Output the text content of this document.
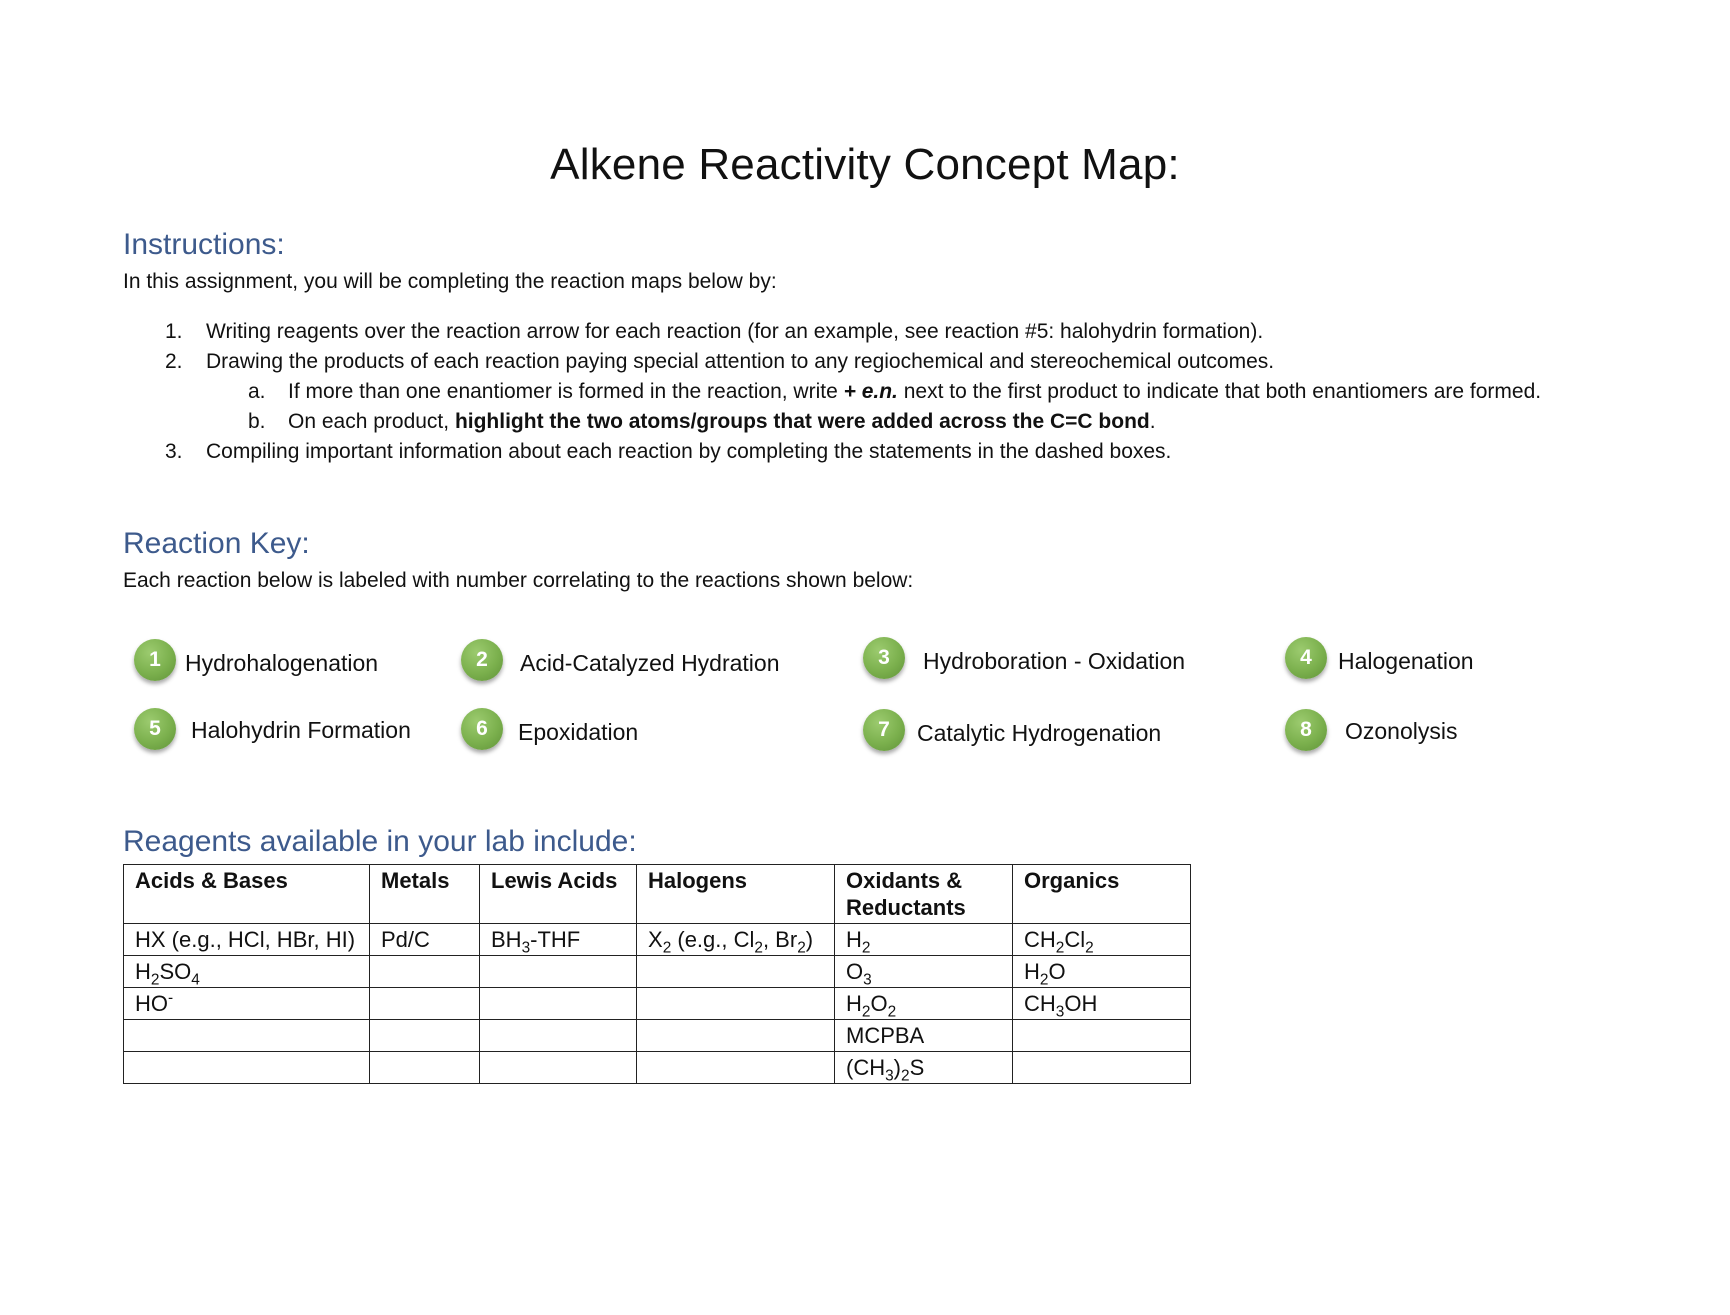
Alkene Reactivity Concept Map:
Instructions:

In this assignment, you will be completing the reaction maps below by:

1. Writing reagents over the reaction arrow for each reaction (for an example, see reaction #5: halohydrin formation).
2. Drawing the products of each reaction paying special attention to any regiochemical and stereochemical outcomes.
a. If more than one enantiomer is formed in the reaction, write + e.n. next to the first product to indicate that both enantiomers are formed.
b. On each product, highlight the two atoms/groups that were added across the C=C bond.
3. Compiling important information about each reaction by completing the statements in the dashed boxes.
Reaction Key:

Each reaction below is labeled with number correlating to the reactions shown below:

1	Hydrohalogenation	2	Acid-Catalyzed Hydration	3	Hydroboration - Oxidation	4	Halogenation
5	Halohydrin Formation	6	Epoxidation	7	Catalytic Hydrogenation	8	Ozonolysis
Reagents available in your lab include:
Acids & Bases	Metals	Lewis Acids	Halogens	Oxidants & Reductants	Organics
HX (e.g., HCl, HBr, HI)	Pd/C	$BH_3$-THF	$X_2$ (e.g., $Cl_2$, $Br_2$)	$H_2$	$CH_2Cl_2$
$H_2SO_4$				$O_3$	$H_2O$
HO-				$H_2O_2$	$CH_3OH$
				MCPBA	
				$(CH_3)_2S$	
